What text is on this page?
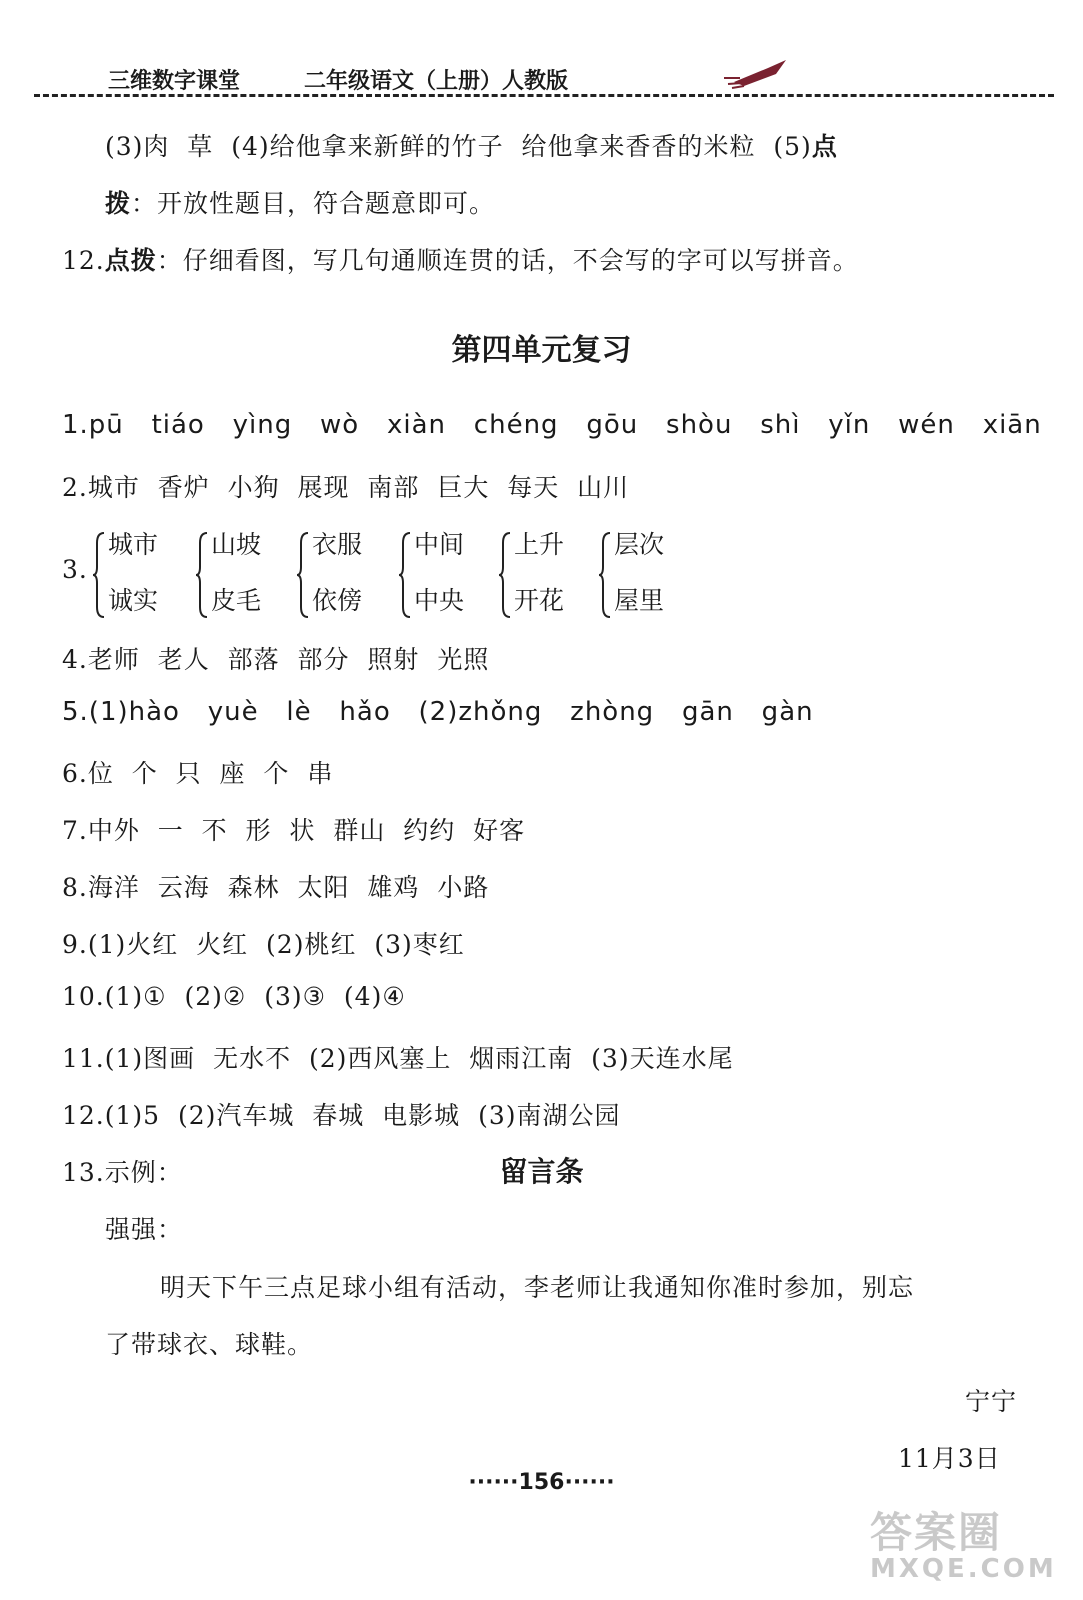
三维数字课堂	二年级语文（上册）人教版
(3)肉  草  (4)给他拿来新鲜的竹子  给他拿来香香的米粒  (5)点
拨：开放性题目，符合题意即可。
12.点拨：仔细看图，写几句通顺连贯的话，不会写的字可以写拼音。
第四单元复习
1.pū   tiáo   yìng   wò   xiàn   chéng   gōu   shòu   shì   yǐn   wén   xiān
2.城市  香炉  小狗  展现  南部  巨大  每天  山川
3.
城市
诚实
山坡
皮毛
衣服
依傍
中间
中央
上升
开花
层次
屋里
4.老师  老人  部落  部分  照射  光照
5.(1)hào   yuè   lè   hǎo   (2)zhǒng   zhòng   gān   gàn
6.位  个  只  座  个  串
7.中外  一  不  形  状  群山  约约  好客
8.海洋  云海  森林  太阳  雄鸡  小路
9.(1)火红  火红  (2)桃红  (3)枣红
10.(1)①  (2)②  (3)③  (4)④
11.(1)图画  无水不  (2)西风塞上  烟雨江南  (3)天连水尾
12.(1)5  (2)汽车城  春城  电影城  (3)南湖公园
13.示例：	留言条
强强：
明天下午三点足球小组有活动，李老师让我通知你准时参加，别忘
了带球衣、球鞋。
宁宁
11月3日
······156······
答案圈
MXQE.COM
